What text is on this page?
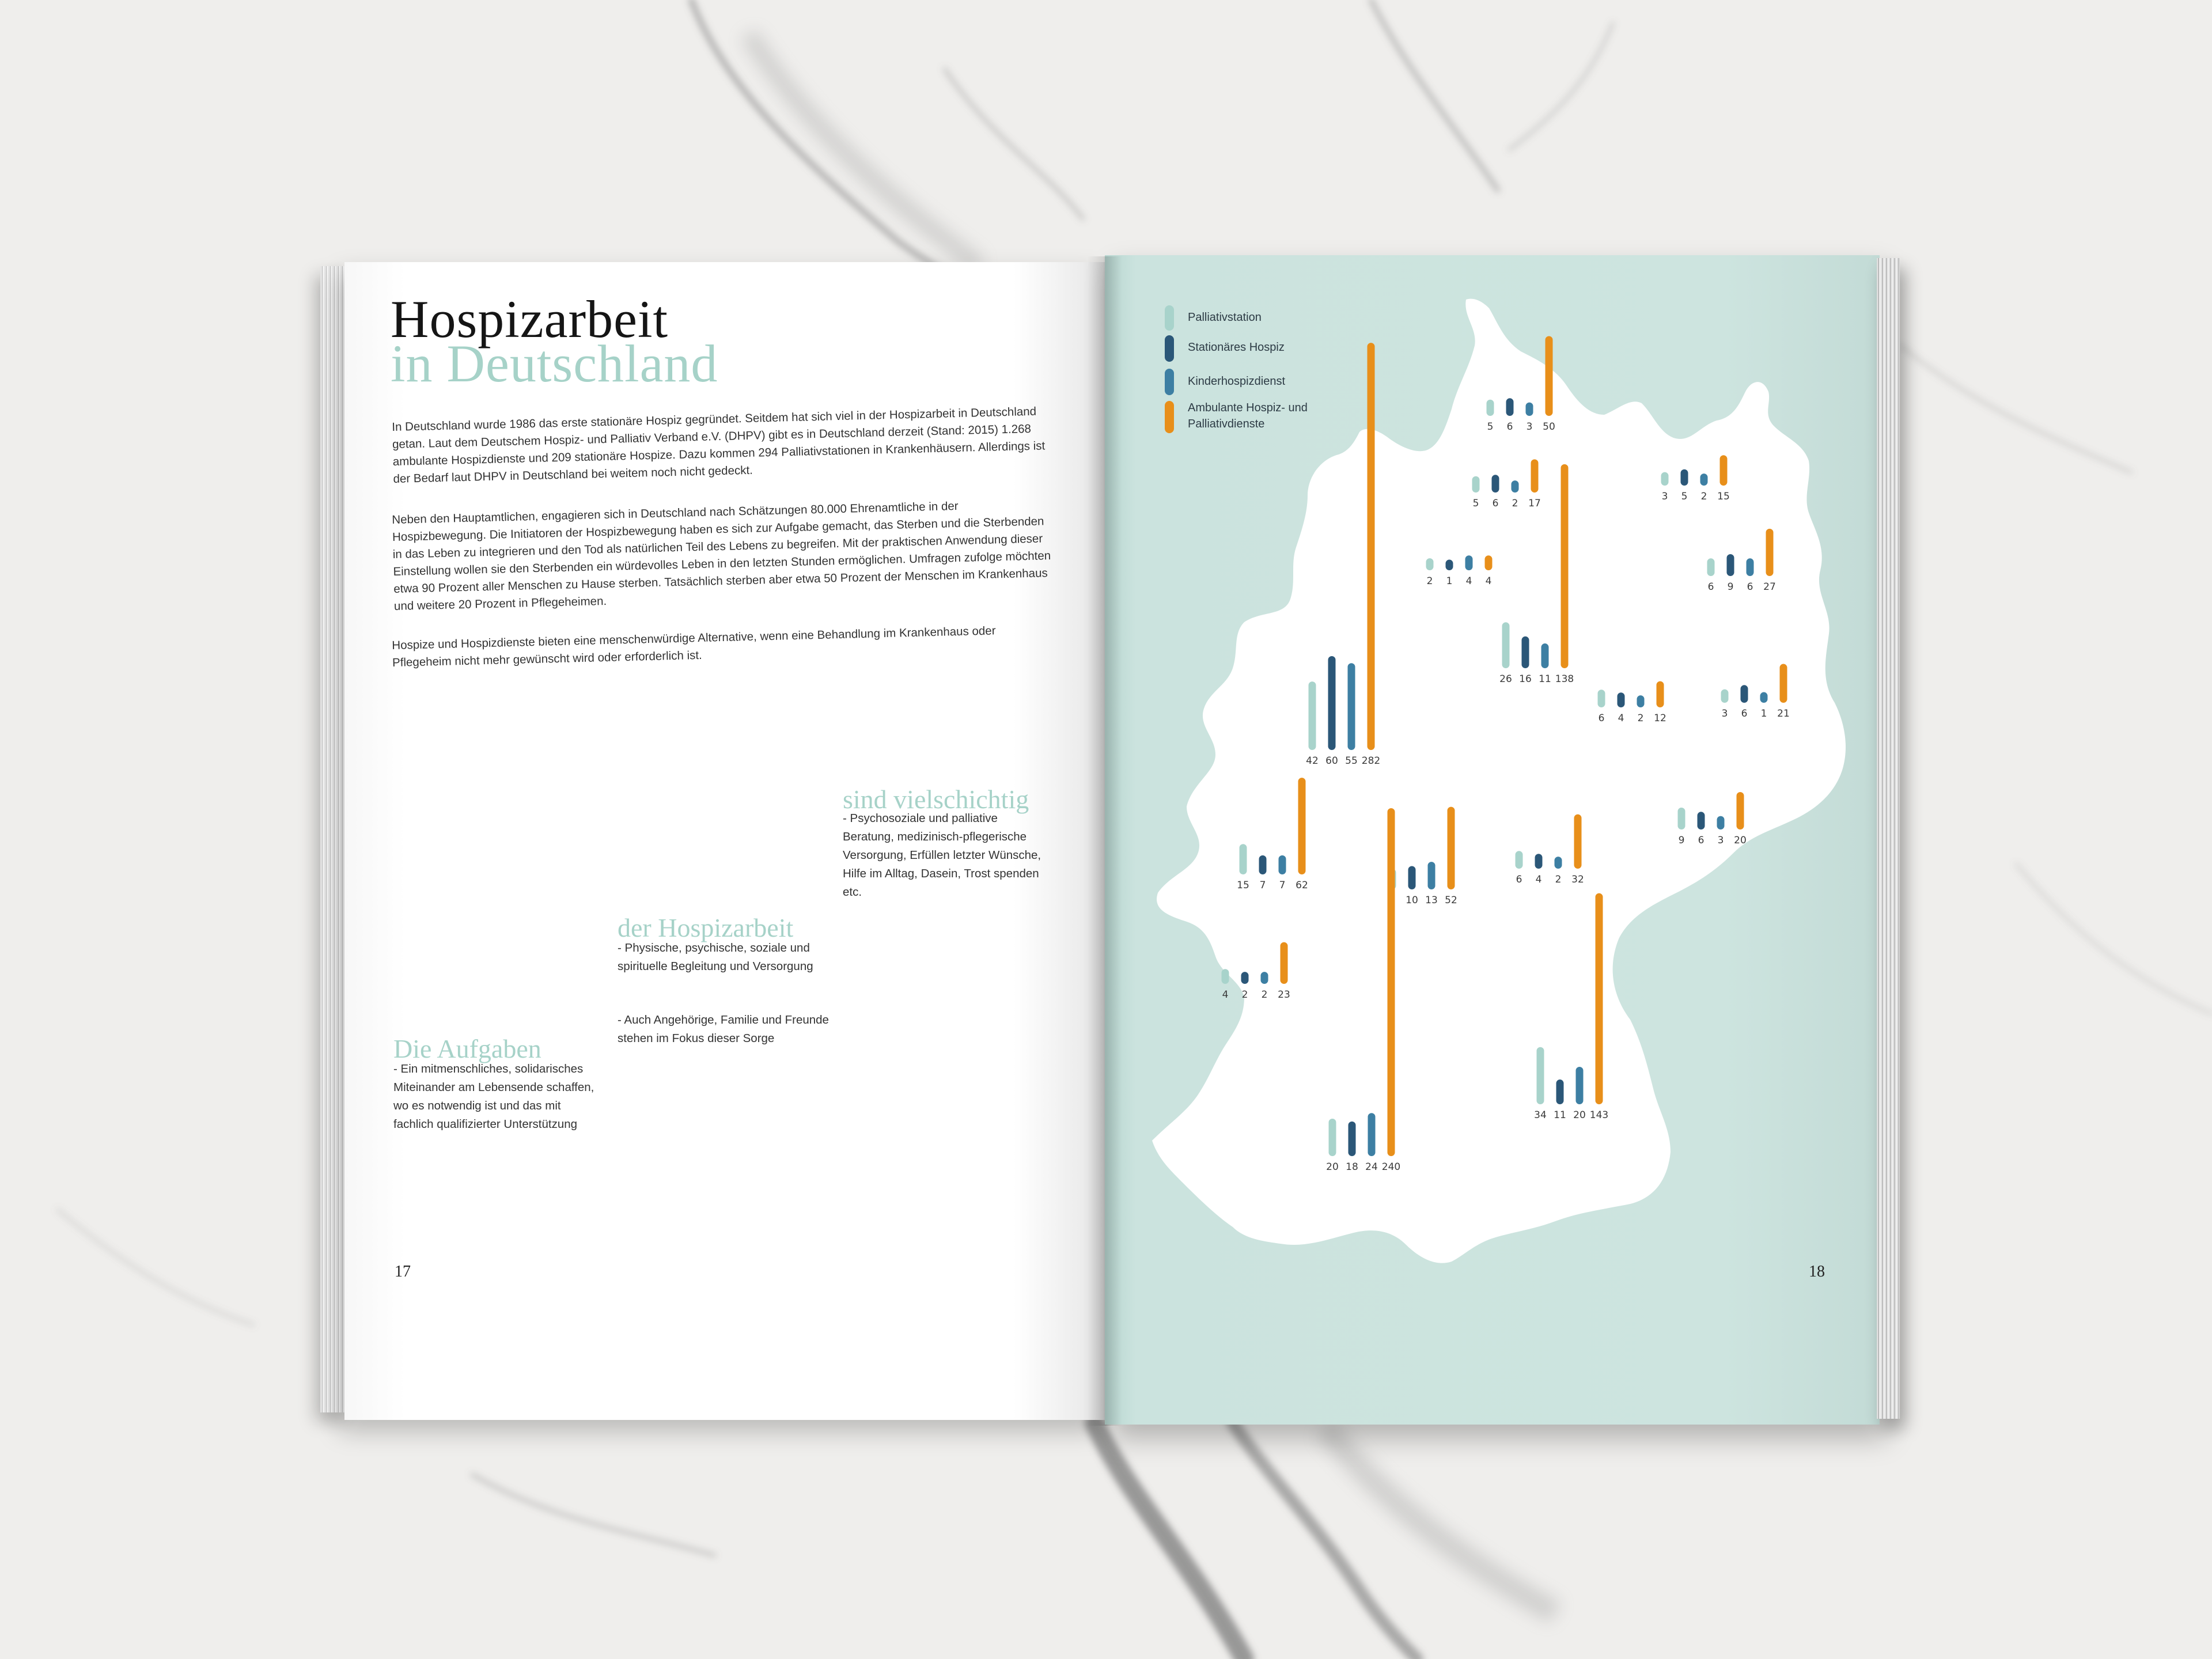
5 6 3 50
5 6 2 17
3 5 2 15
2 1 4 4	6 9 6 27
26 16 11 138
6 4 2 12	3 6 1 21
42 60 55 282
9 6 3 20
15 7 7 62
10 13 52
6 4 2 32
4 2 2 23
34 11 20 143
20 18 24 240
Hospizarbeit
in Deutschland
In Deutschland wurde 1986 das erste stationäre Hospiz gegründet. Seitdem hat sich viel in der Hospizarbeit in Deutschland getan. Laut dem Deutschem Hospiz- und Palliativ Verband e.V. (DHPV) gibt es in Deutschland derzeit (Stand: 2015) 1.268 ambulante Hospizdienste und 209 stationäre Hospize. Dazu kommen 294 Palliativstationen in Krankenhäusern. Allerdings ist der Bedarf laut DHPV in Deutschland bei weitem noch nicht gedeckt.
Neben den Hauptamtlichen, engagieren sich in Deutschland nach Schätzungen 80.000 Ehrenamtliche in der Hospizbewegung. Die Initiatoren der Hospizbewegung haben es sich zur Aufgabe gemacht, das Sterben und die Sterbenden in das Leben zu integrieren und den Tod als natürlichen Teil des Lebens zu begreifen. Mit der praktischen Anwendung dieser Einstellung wollen sie den Sterbenden ein würdevolles Leben in den letzten Stunden ermöglichen. Umfragen zufolge möchten etwa 90 Prozent aller Menschen zu Hause sterben. Tatsächlich sterben aber etwa 50 Prozent der Menschen im Krankenhaus und weitere 20 Prozent in Pflegeheimen.
Hospize und Hospizdienste bieten eine menschenwürdige Alternative, wenn eine Behandlung im Krankenhaus oder Pflegeheim nicht mehr gewünscht wird oder erforderlich ist.
sind vielschichtig
- Psychosoziale und palliative Beratung, medizinisch-pflegerische Versorgung, Erfüllen letzter Wünsche, Hilfe im Alltag, Dasein, Trost spenden etc.
der Hospizarbeit
- Physische, psychische, soziale und spirituelle Begleitung und Versorgung
- Auch Angehörige, Familie und Freunde stehen im Fokus dieser Sorge
Die Aufgaben
- Ein mitmenschliches, solidarisches Miteinander am Lebensende schaffen, wo es notwendig ist und das mit fachlich qualifizierter Unterstützung
17	18
Palliativstation
Stationäres Hospiz
Kinderhospizdienst
Ambulante Hospiz- und Palliativdienste
